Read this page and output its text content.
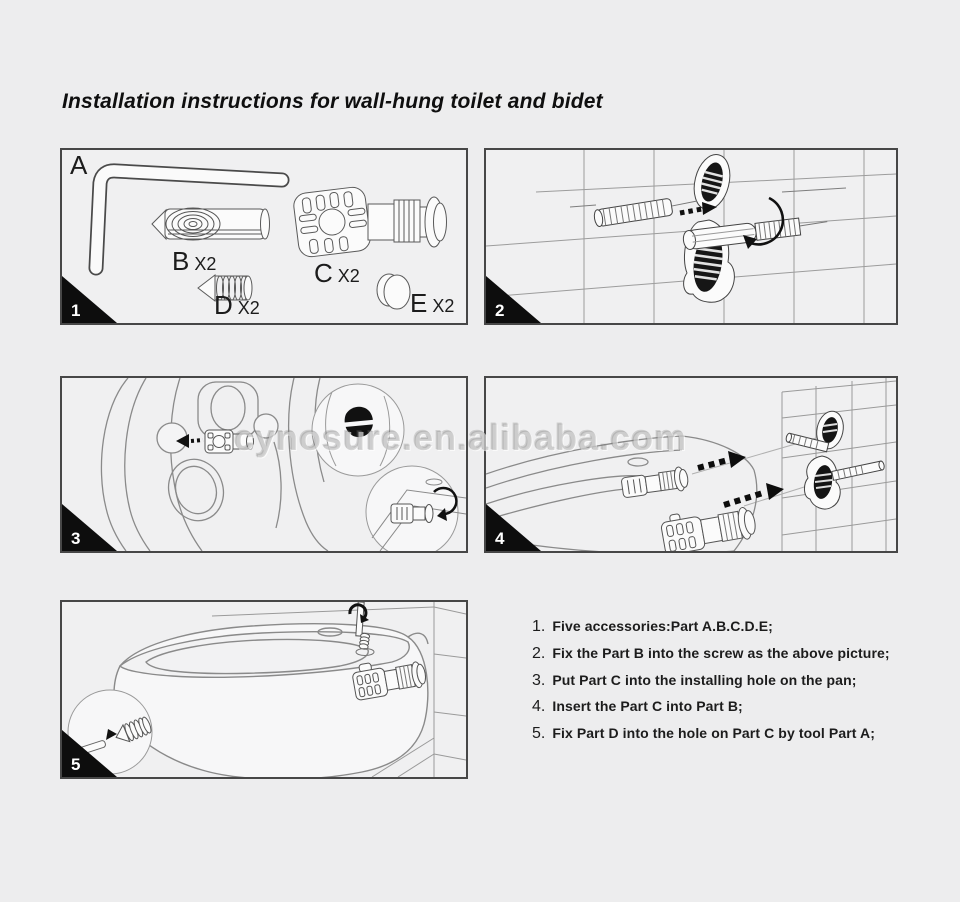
Installation instructions for wall-hung toilet and bidet
A
B X2	C X2
D X2	E X2
1	2
3	4
5
cynosure.en.alibaba.com
1. Five accessories:Part A.B.C.D.E;
2. Fix the Part B into the screw as the above picture;
3. Put Part C into the installing hole on the pan;
4. Insert the Part C into Part B;
5. Fix Part D into the hole on Part C by tool Part A;
